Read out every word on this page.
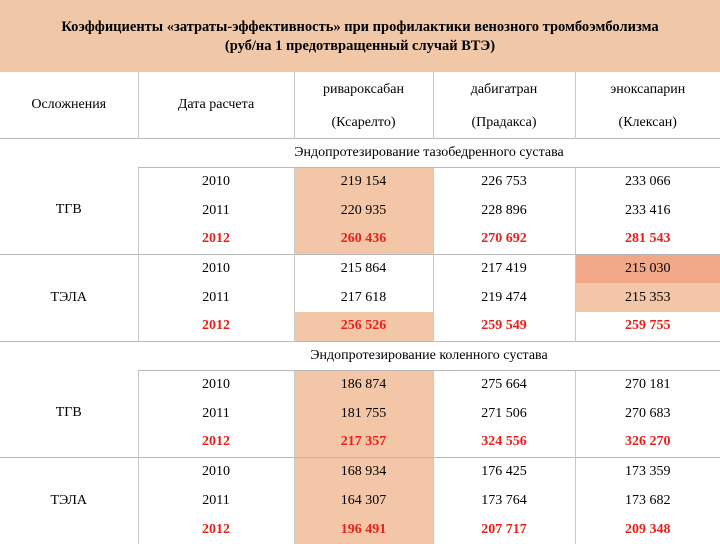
Коэффициенты «затраты-эффективность» при профилактики венозного тромбоэмболизма
(руб/на 1 предотвращенный случай ВТЭ)
Осложнения	Дата расчета	ривароксабан	дабигатран	эноксапарин
		(Ксарелто)	(Прадакса)	(Клексан)
	Эндопротезирование тазобедренного сустава			
ТГВ	2010	219 154	226 753	233 066
	2011	220 935	228 896	233 416
	2012	260 436	270 692	281 543
ТЭЛА	2010	215 864	217 419	215 030
	2011	217 618	219 474	215 353
	2012	256 526	259 549	259 755
	Эндопротезирование коленного сустава			
ТГВ	2010	186 874	275 664	270 181
	2011	181 755	271 506	270 683
	2012	217 357	324 556	326 270
ТЭЛА	2010	168 934	176 425	173 359
	2011	164 307	173 764	173 682
	2012	196 491	207 717	209 348
